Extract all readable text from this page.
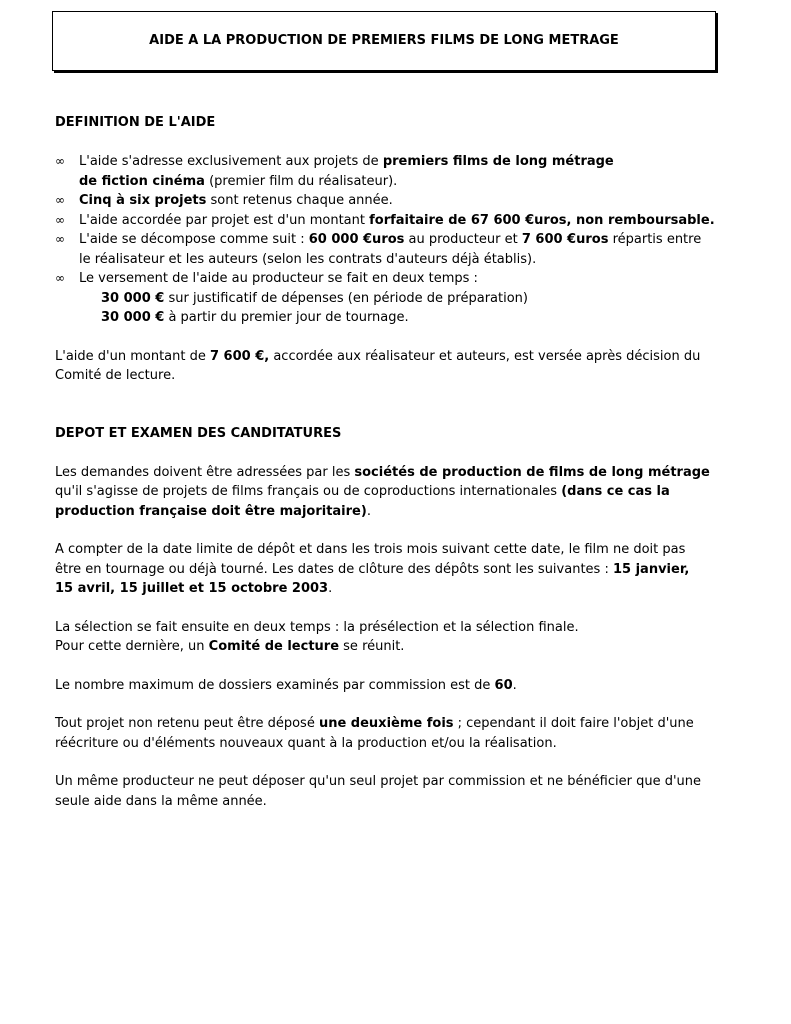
AIDE A LA PRODUCTION DE PREMIERS FILMS DE LONG METRAGE
DEFINITION DE L'AIDE
∞ L'aide s'adresse exclusivement aux projets de premiers films de long métrage
de fiction cinéma (premier film du réalisateur).
∞ Cinq à six projets sont retenus chaque année.
∞ L'aide accordée par projet est d'un montant forfaitaire de 67 600 €uros, non remboursable.
∞ L'aide se décompose comme suit : 60 000 €uros au producteur et 7 600 €uros répartis entre
le réalisateur et les auteurs (selon les contrats d'auteurs déjà établis).
∞ Le versement de l'aide au producteur se fait en deux temps :
30 000 € sur justificatif de dépenses (en période de préparation)
30 000 € à partir du premier jour de tournage.

L'aide d'un montant de 7 600 €, accordée aux réalisateur et auteurs, est versée après décision du
Comité de lecture.

DEPOT ET EXAMEN DES CANDITATURES

Les demandes doivent être adressées par les sociétés de production de films de long métrage
qu'il s'agisse de projets de films français ou de coproductions internationales (dans ce cas la
production française doit être majoritaire).

A compter de la date limite de dépôt et dans les trois mois suivant cette date, le film ne doit pas
être en tournage ou déjà tourné. Les dates de clôture des dépôts sont les suivantes : 15 janvier,
15 avril, 15 juillet et 15 octobre 2003.

La sélection se fait ensuite en deux temps : la présélection et la sélection finale.
Pour cette dernière, un Comité de lecture se réunit.

Le nombre maximum de dossiers examinés par commission est de 60.

Tout projet non retenu peut être déposé une deuxième fois ; cependant il doit faire l'objet d'une
réécriture ou d'éléments nouveaux quant à la production et/ou la réalisation.

Un même producteur ne peut déposer qu'un seul projet par commission et ne bénéficier que d'une
seule aide dans la même année.
